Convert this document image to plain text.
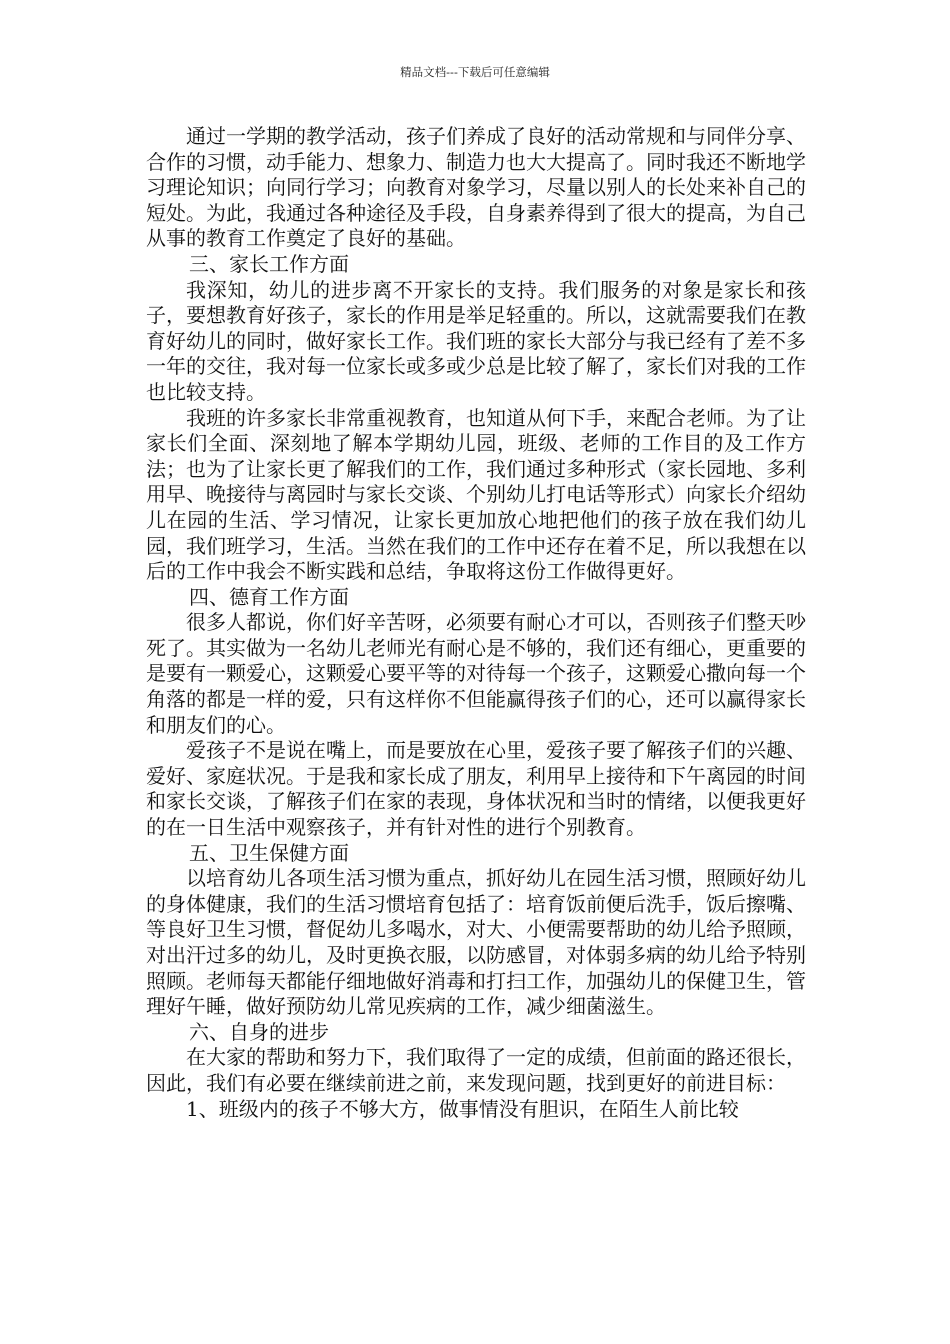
精品文档---下载后可任意编辑

通过一学期的教学活动，孩子们养成了良好的活动常规和与同伴分享、合作的习惯，动手能力、想象力、制造力也大大提高了。同时我还不断地学习理论知识；向同行学习；向教育对象学习，尽量以别人的长处来补自己的短处。为此，我通过各种途径及手段，自身素养得到了很大的提高，为自己从事的教育工作奠定了良好的基础。

三、家长工作方面

我深知，幼儿的进步离不开家长的支持。我们服务的对象是家长和孩子，要想教育好孩子，家长的作用是举足轻重的。所以，这就需要我们在教育好幼儿的同时，做好家长工作。我们班的家长大部分与我已经有了差不多一年的交往，我对每一位家长或多或少总是比较了解了，家长们对我的工作也比较支持。

我班的许多家长非常重视教育，也知道从何下手，来配合老师。为了让家长们全面、深刻地了解本学期幼儿园，班级、老师的工作目的及工作方法；也为了让家长更了解我们的工作，我们通过多种形式（家长园地、多利用早、晚接待与离园时与家长交谈、个别幼儿打电话等形式）向家长介绍幼儿在园的生活、学习情况，让家长更加放心地把他们的孩子放在我们幼儿园，我们班学习，生活。当然在我们的工作中还存在着不足，所以我想在以后的工作中我会不断实践和总结，争取将这份工作做得更好。

四、德育工作方面

很多人都说，你们好辛苦呀，必须要有耐心才可以，否则孩子们整天吵死了。其实做为一名幼儿老师光有耐心是不够的，我们还有细心，更重要的是要有一颗爱心，这颗爱心要平等的对待每一个孩子，这颗爱心撒向每一个角落的都是一样的爱，只有这样你不但能赢得孩子们的心，还可以赢得家长和朋友们的心。

爱孩子不是说在嘴上，而是要放在心里，爱孩子要了解孩子们的兴趣、爱好、家庭状况。于是我和家长成了朋友，利用早上接待和下午离园的时间和家长交谈，了解孩子们在家的表现，身体状况和当时的情绪，以便我更好的在一日生活中观察孩子，并有针对性的进行个别教育。

五、卫生保健方面

以培育幼儿各项生活习惯为重点，抓好幼儿在园生活习惯，照顾好幼儿的身体健康，我们的生活习惯培育包括了：培育饭前便后洗手，饭后擦嘴、等良好卫生习惯，督促幼儿多喝水，对大、小便需要帮助的幼儿给予照顾，对出汗过多的幼儿，及时更换衣服，以防感冒，对体弱多病的幼儿给予特别照顾。老师每天都能仔细地做好消毒和打扫工作，加强幼儿的保健卫生，管理好午睡，做好预防幼儿常见疾病的工作，减少细菌滋生。

六、自身的进步

在大家的帮助和努力下，我们取得了一定的成绩，但前面的路还很长，因此，我们有必要在继续前进之前，来发现问题，找到更好的前进目标：

1、班级内的孩子不够大方，做事情没有胆识，在陌生人前比较
